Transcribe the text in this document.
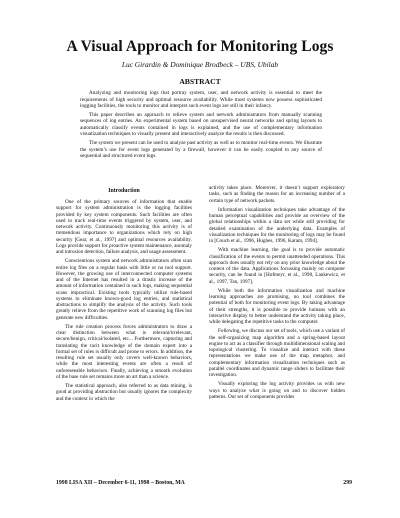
A Visual Approach for Monitoring Logs
Luc Girardin & Dominique Brodbeck – UBS, Ubilab
ABSTRACT

Analyzing and monitoring logs that portray system, user, and network activity is essential to meet the requirements of high security and optimal resource availability. While most systems now possess sophisticated logging facilities, the tools to monitor and interpret such event logs are still in their infancy.

This paper describes an approach to relieve system and network administrators from manually scanning sequences of log entries. An experimental system based on unsupervised neural networks and spring layouts to automatically classify events contained in logs is explained, and the use of complementary information visualization techniques to visually present and interactively analyze the results is then discussed.

The system we present can be used to analyze past activity as well as to monitor real-time events. We illustrate the system’s use for event logs generated by a firewall, however it can be easily coupled to any source of sequential and structured event logs.

Introduction

One of the primary sources of information that enable support for system administration is the logging facilities provided by key system components. Such facilities are often used to track real-time events triggered by system, user, and network activity. Continuously monitoring this activity is of tremendous importance to organizations which rely on high security [Gear, et al., 1997] and optimal resources availability. Logs provide support for proactive system maintenance, anomaly and intrusion detection, failure analysis, and usage assessment.

Conscientious system and network administrators often scan entire log files on a regular basis with little or no tool support. However, the growing use of interconnected computer systems and of the Internet has resulted in a drastic increase of the amount of information contained in such logs, making sequential scans impractical. Existing tools typically utilize rule-based systems to eliminate known-good log entries, and statistical abstractions to simplify the analysis of the activity. Such tools greatly relieve from the repetitive work of scanning log files but generate new difficulties.

The rule creation process forces administrators to draw a clear distinction between what is relevant/irrelevant, secure/benign, critical/isolated, etc... Furthermore, capturing and translating the tacit knowledge of the domain expert into a formal set of rules is difficult and prone to errors. In addition, the resulting rule set usually only covers well-known behaviors, while the most interesting events are often a result of unforeseeable behaviors. Finally, achieving a smooth evolution of the base rule set remains more an art than a science.

The statistical approach, also referred to as data mining, is good at providing abstraction but usually ignores the complexity and the context in which the

activity takes place. Moreover, it doesn’t support exploratory tasks, such as finding the reason for an increasing number of a certain type of network packets.

Information visualization techniques take advantage of the human perceptual capabilities and provide an overview of the global relationships within a data set while still providing for detailed examination of the underlying data. Examples of visualization techniques for the monitoring of logs may be found in [Couch et al., 1996, Hughes, 1996, Karam, 1994].

With machine learning, the goal is to provide automatic classification of the events to permit unattended operations. This approach does usually not rely on any prior knowledge about the content of the data. Applications focussing mainly on computer security, can be found in [Hofmeyr, et al., 1998, Lankewicz, et al., 1997, Tan, 1997].

While both the information visualization and machine learning approaches are promising, no tool combines the potential of both for monitoring event logs. By taking advantage of their strengths, it is possible to provide humans with an interactive display to better understand the activity taking place, while delegating the repetitive tasks to the computer.

Following, we discuss our set of tools, which use a variant of the self-organizing map algorithm and a spring-based layout engine to act as a classifier through multidimensional scaling and topological clustering. To visualize and interact with these representations we make use of the map metaphor, and complementary information visualization techniques such as parallel coordinates and dynamic range sliders to facilitate their investigation.

Visually exploring the log activity provides us with new ways to analyze what is going on and to discover hidden patterns. Our set of components provides

1998 LISA XII – December 6-11, 1998 – Boston, MA	299
